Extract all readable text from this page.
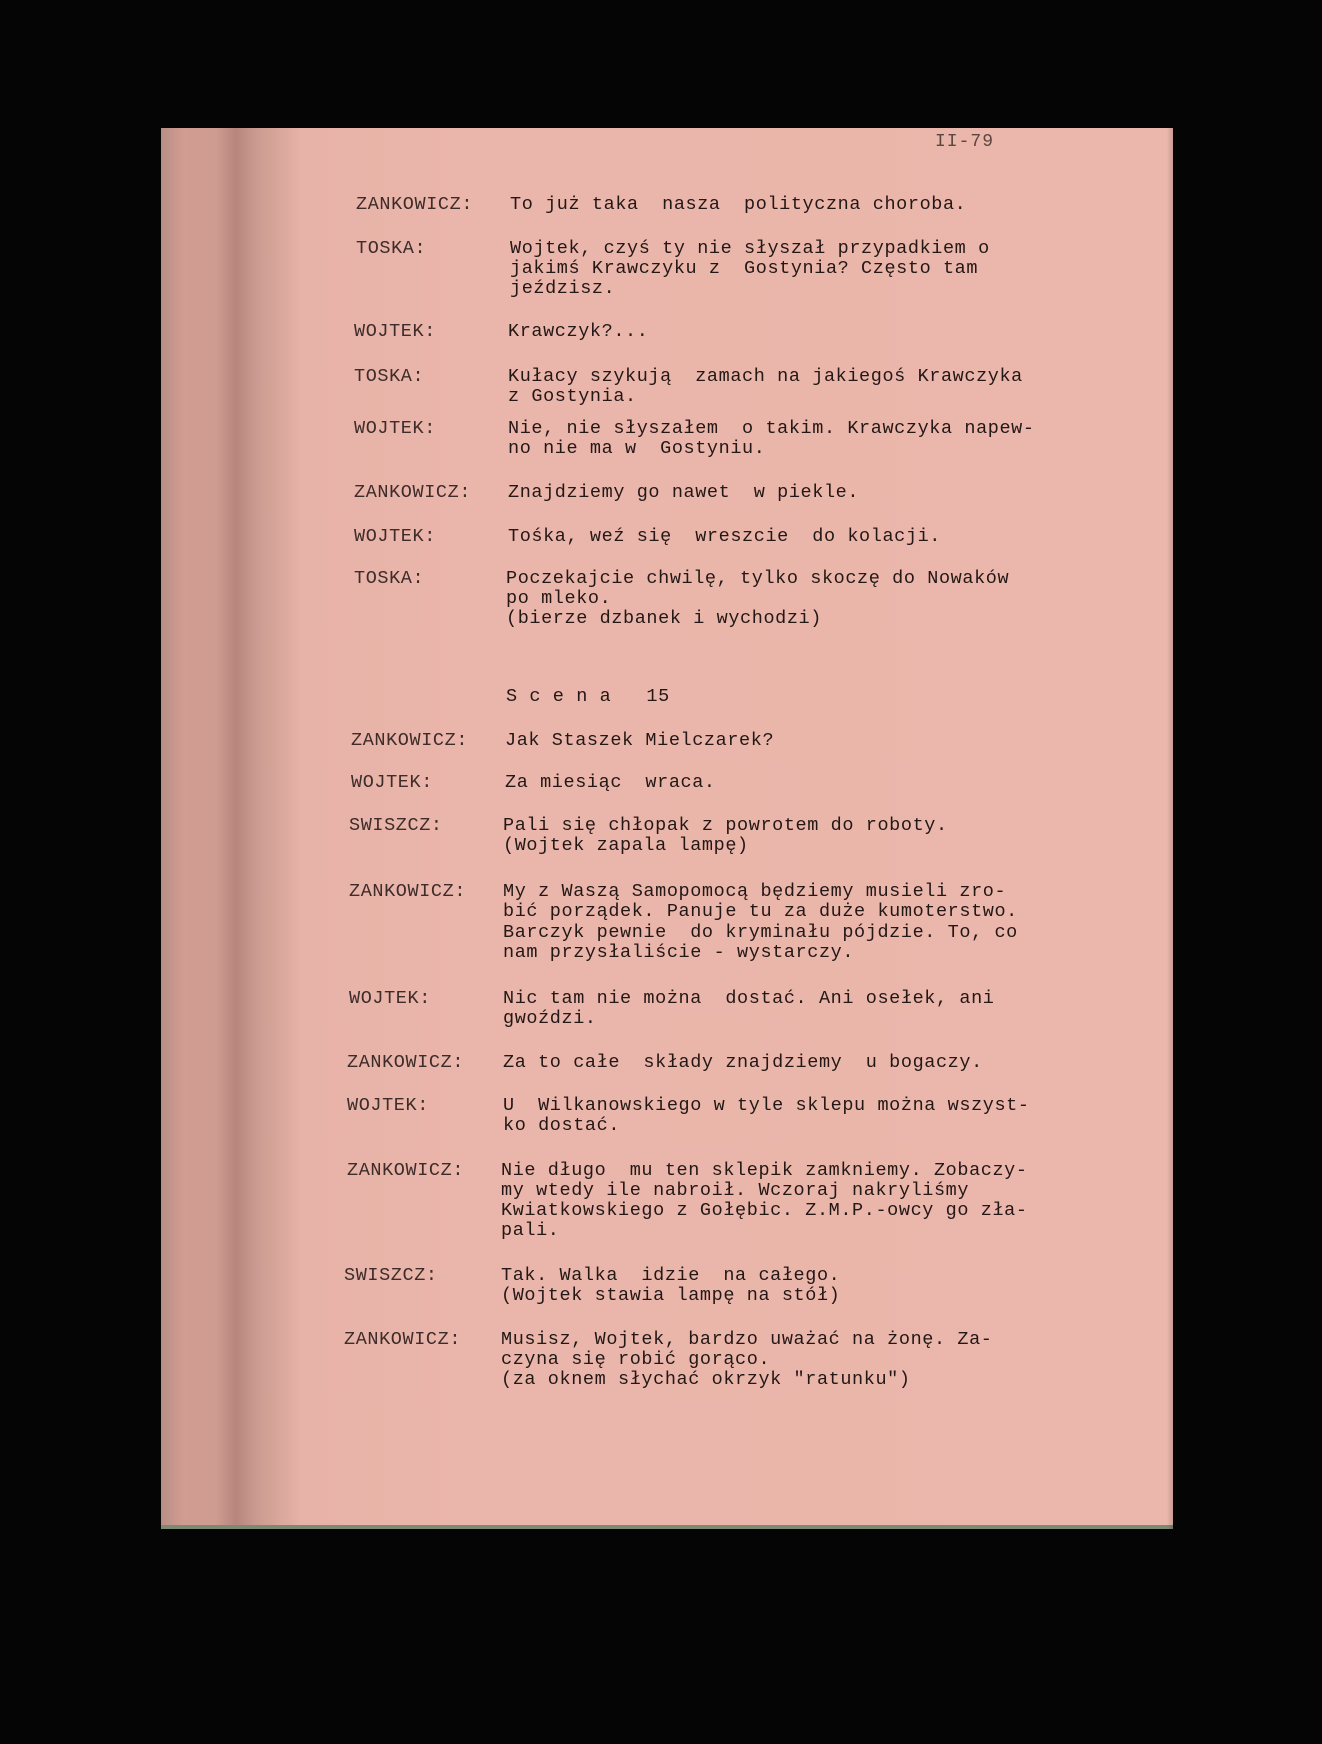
II-79
ZANKOWICZ: To już taka  nasza  polityczna choroba.
TOSKA:	Wojtek, czyś ty nie słyszał przypadkiem o
jakimś Krawczyku z  Gostynia? Często tam
jeździsz.
WOJTEK:	Krawczyk?...
TOSKA:	Kułacy szykują  zamach na jakiegoś Krawczyka
z Gostynia.
WOJTEK:	Nie, nie słyszałem  o takim. Krawczyka napew-
no nie ma w  Gostyniu.
ZANKOWICZ: Znajdziemy go nawet  w piekle.
WOJTEK:	Tośka, weź się  wreszcie  do kolacji.
TOSKA:	Poczekajcie chwilę, tylko skoczę do Nowaków
po mleko.
(bierze dzbanek i wychodzi)
S c e n a   15
ZANKOWICZ: Jak Staszek Mielczarek?
WOJTEK:	Za miesiąc  wraca.
SWISZCZ:	Pali się chłopak z powrotem do roboty.
(Wojtek zapala lampę)
ZANKOWICZ: My z Waszą Samopomocą będziemy musieli zro-
bić porządek. Panuje tu za duże kumoterstwo.
Barczyk pewnie  do kryminału pójdzie. To, co
nam przysłaliście - wystarczy.
WOJTEK:	Nic tam nie można  dostać. Ani osełek, ani
gwoździ.
ZANKOWICZ: Za to całe  składy znajdziemy  u bogaczy.
WOJTEK:	U  Wilkanowskiego w tyle sklepu można wszyst-
ko dostać.
ZANKOWICZ: Nie długo  mu ten sklepik zamkniemy. Zobaczy-
my wtedy ile nabroił. Wczoraj nakryliśmy
Kwiatkowskiego z Gołębic. Z.M.P.-owcy go zła-
pali.
SWISZCZ:	Tak. Walka  idzie  na całego.
(Wojtek stawia lampę na stół)
ZANKOWICZ: Musisz, Wojtek, bardzo uważać na żonę. Za-
czyna się robić gorąco.
(za oknem słychać okrzyk "ratunku")
